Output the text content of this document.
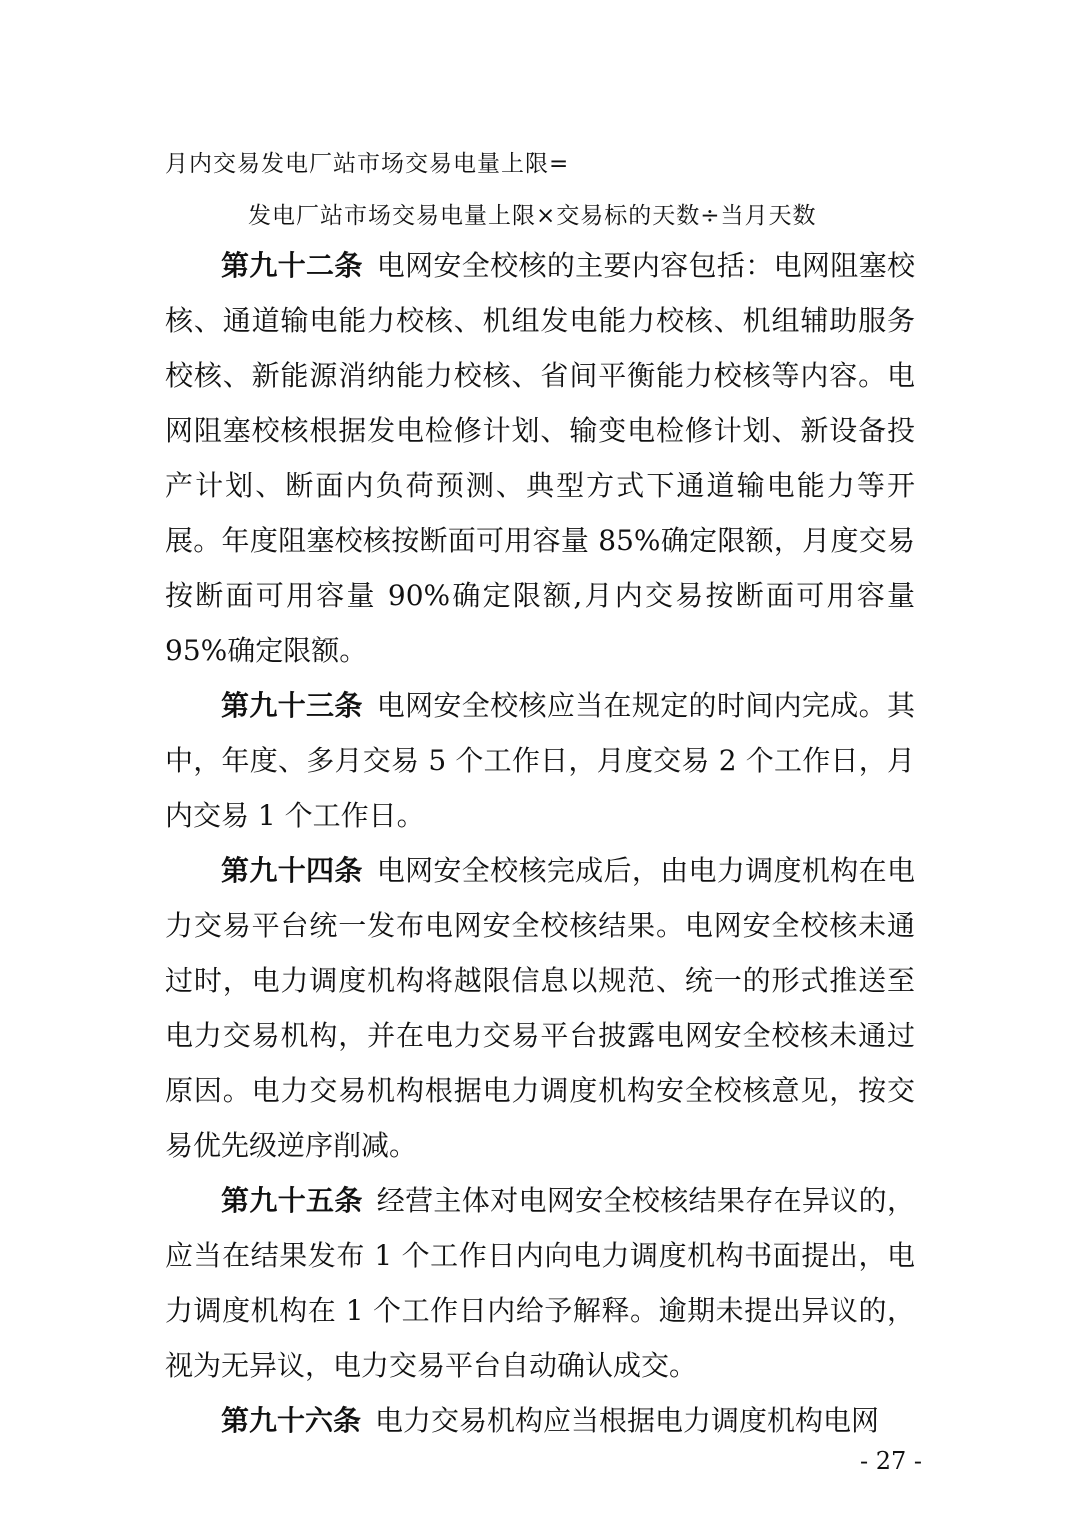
月内交易发电厂站市场交易电量上限=
发电厂站市场交易电量上限×交易标的天数÷当月天数

第九十二条 电网安全校核的主要内容包括：电网阻塞校核、通道输电能力校核、机组发电能力校核、机组辅助服务校核、新能源消纳能力校核、省间平衡能力校核等内容。电网阻塞校核根据发电检修计划、输变电检修计划、新设备投产计划、断面内负荷预测、典型方式下通道输电能力等开展。年度阻塞校核按断面可用容量 85%确定限额，月度交易按断面可用容量 90%确定限额,月内交易按断面可用容量 95%确定限额。

第九十三条 电网安全校核应当在规定的时间内完成。其中，年度、多月交易 5 个工作日，月度交易 2 个工作日，月内交易 1 个工作日。

第九十四条 电网安全校核完成后，由电力调度机构在电力交易平台统一发布电网安全校核结果。电网安全校核未通过时，电力调度机构将越限信息以规范、统一的形式推送至电力交易机构，并在电力交易平台披露电网安全校核未通过原因。电力交易机构根据电力调度机构安全校核意见，按交易优先级逆序削减。

第九十五条 经营主体对电网安全校核结果存在异议的，应当在结果发布 1 个工作日内向电力调度机构书面提出，电力调度机构在 1 个工作日内给予解释。逾期未提出异议的，视为无异议，电力交易平台自动确认成交。

第九十六条 电力交易机构应当根据电力调度机构电网

- 27 -
